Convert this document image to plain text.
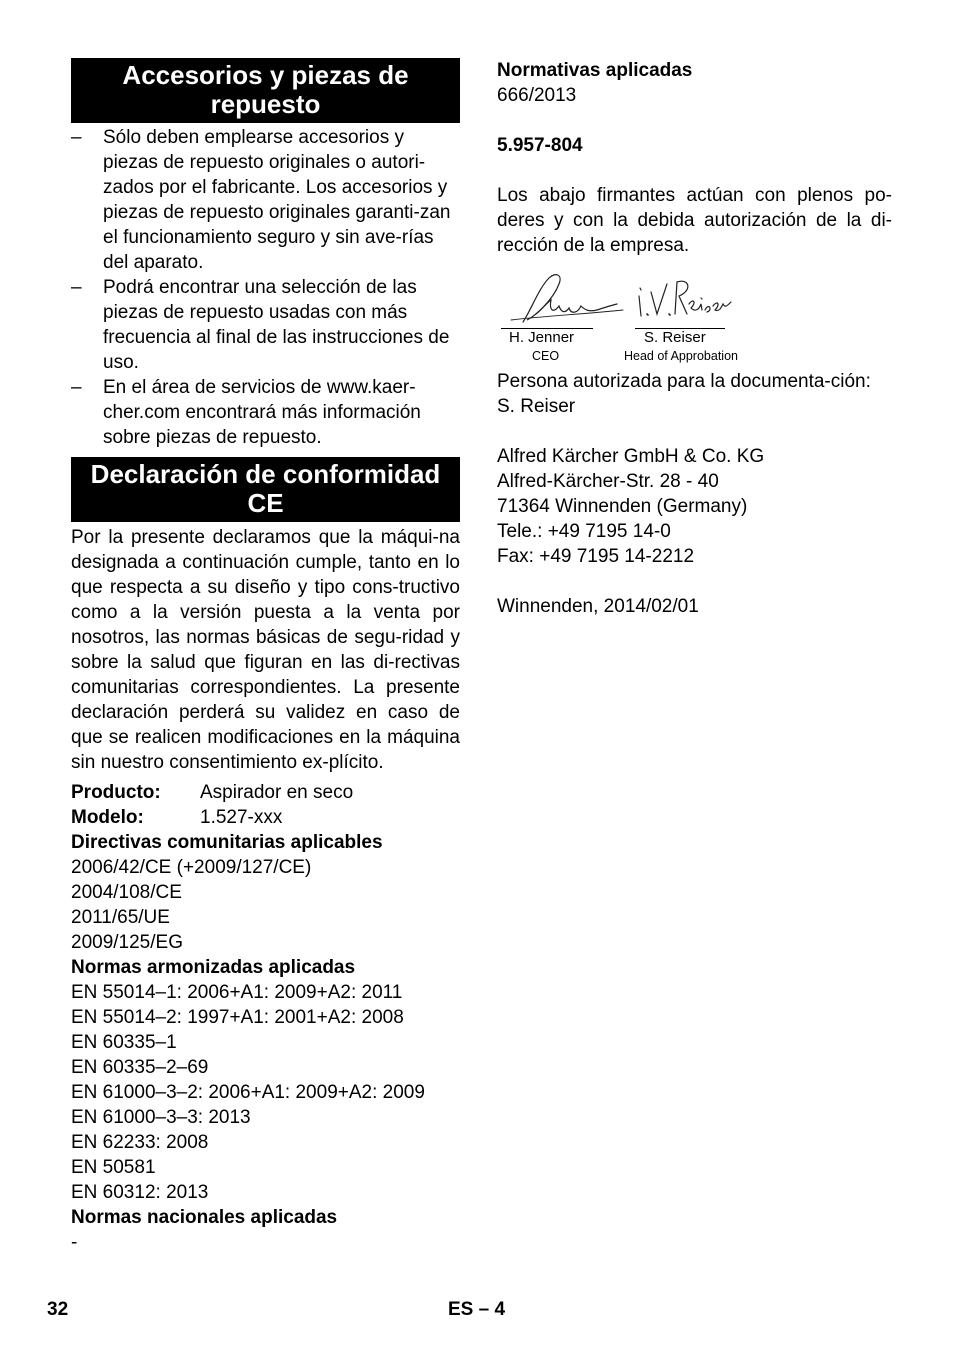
Accesorios y piezas de repuesto
– Sólo deben emplearse accesorios y piezas de repuesto originales o autori-zados por el fabricante. Los accesorios y piezas de repuesto originales garanti-zan el funcionamiento seguro y sin ave-rías del aparato.
– Podrá encontrar una selección de las piezas de repuesto usadas con más frecuencia al final de las instrucciones de uso.
– En el área de servicios de www.kaer-cher.com encontrará más información sobre piezas de repuesto.
Declaración de conformidad CE

Por la presente declaramos que la máqui-na designada a continuación cumple, tanto en lo que respecta a su diseño y tipo cons-tructivo como a la versión puesta a la venta por nosotros, las normas básicas de segu-ridad y sobre la salud que figuran en las di-rectivas comunitarias correspondientes. La presente declaración perderá su validez en caso de que se realicen modificaciones en la máquina sin nuestro consentimiento ex-plícito.

Producto:	Aspirador en seco
Modelo:	1.527-xxx

Directivas comunitarias aplicables

2006/42/CE (+2009/127/CE)

2004/108/CE

2011/65/UE

2009/125/EG

Normas armonizadas aplicadas

EN 55014–1: 2006+A1: 2009+A2: 2011

EN 55014–2: 1997+A1: 2001+A2: 2008

EN 60335–1

EN 60335–2–69

EN 61000–3–2: 2006+A1: 2009+A2: 2009

EN 61000–3–3: 2013

EN 62233: 2008

EN 50581

EN 60312: 2013

Normas nacionales aplicadas

-

Normativas aplicadas

666/2013

5.957-804

Los abajo firmantes actúan con plenos po-deres y con la debida autorización de la di-rección de la empresa.

H. Jenner
CEO
S. Reiser
Head of Approbation

Persona autorizada para la documenta-ción:

S. Reiser

Alfred Kärcher GmbH & Co. KG

Alfred-Kärcher-Str. 28 - 40

71364 Winnenden (Germany)

Tele.: +49 7195 14-0

Fax: +49 7195 14-2212

Winnenden, 2014/02/01

32	ES – 4
